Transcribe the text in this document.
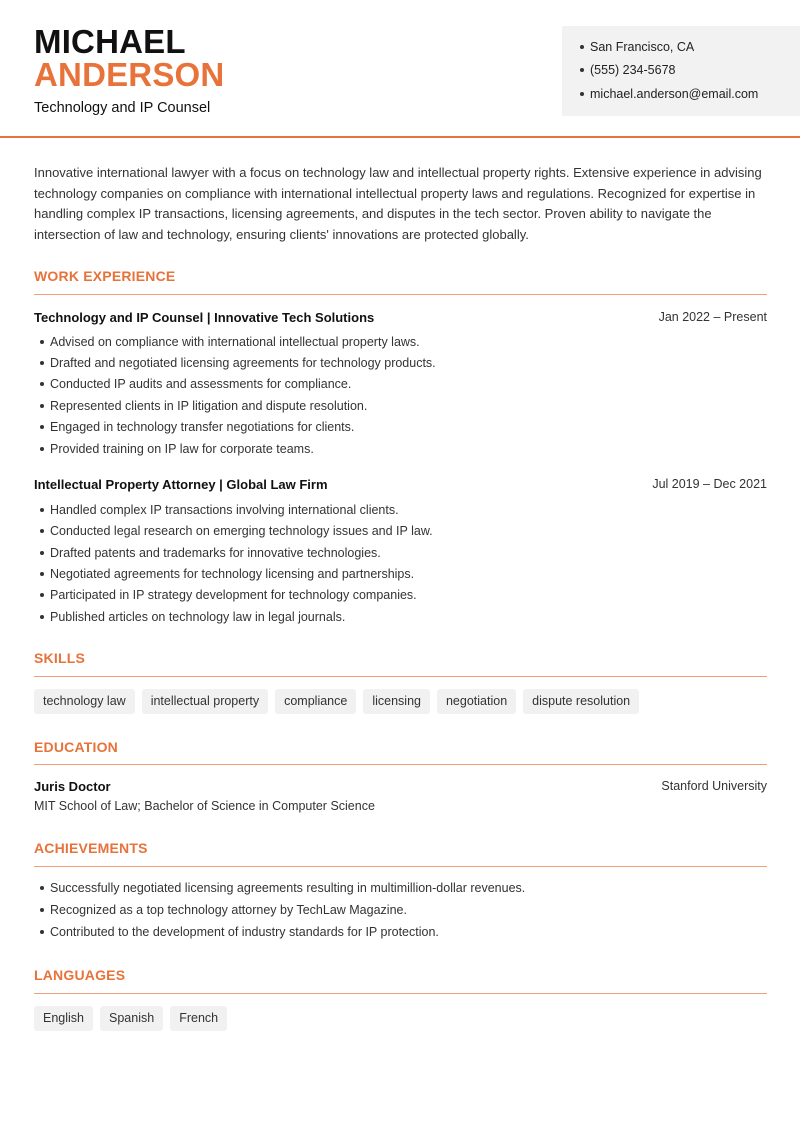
MICHAEL
ANDERSON
Technology and IP Counsel
San Francisco, CA
(555) 234-5678
michael.anderson@email.com
Innovative international lawyer with a focus on technology law and intellectual property rights. Extensive experience in advising technology companies on compliance with international intellectual property laws and regulations. Recognized for expertise in handling complex IP transactions, licensing agreements, and disputes in the tech sector. Proven ability to navigate the intersection of law and technology, ensuring clients' innovations are protected globally.
WORK EXPERIENCE
Technology and IP Counsel | Innovative Tech Solutions	Jan 2022 – Present
Advised on compliance with international intellectual property laws.
Drafted and negotiated licensing agreements for technology products.
Conducted IP audits and assessments for compliance.
Represented clients in IP litigation and dispute resolution.
Engaged in technology transfer negotiations for clients.
Provided training on IP law for corporate teams.
Intellectual Property Attorney | Global Law Firm	Jul 2019 – Dec 2021
Handled complex IP transactions involving international clients.
Conducted legal research on emerging technology issues and IP law.
Drafted patents and trademarks for innovative technologies.
Negotiated agreements for technology licensing and partnerships.
Participated in IP strategy development for technology companies.
Published articles on technology law in legal journals.
SKILLS
technology law	intellectual property	compliance	licensing	negotiation	dispute resolution
EDUCATION
Juris Doctor	Stanford University
MIT School of Law; Bachelor of Science in Computer Science
ACHIEVEMENTS
Successfully negotiated licensing agreements resulting in multimillion-dollar revenues.
Recognized as a top technology attorney by TechLaw Magazine.
Contributed to the development of industry standards for IP protection.
LANGUAGES
English	Spanish	French
